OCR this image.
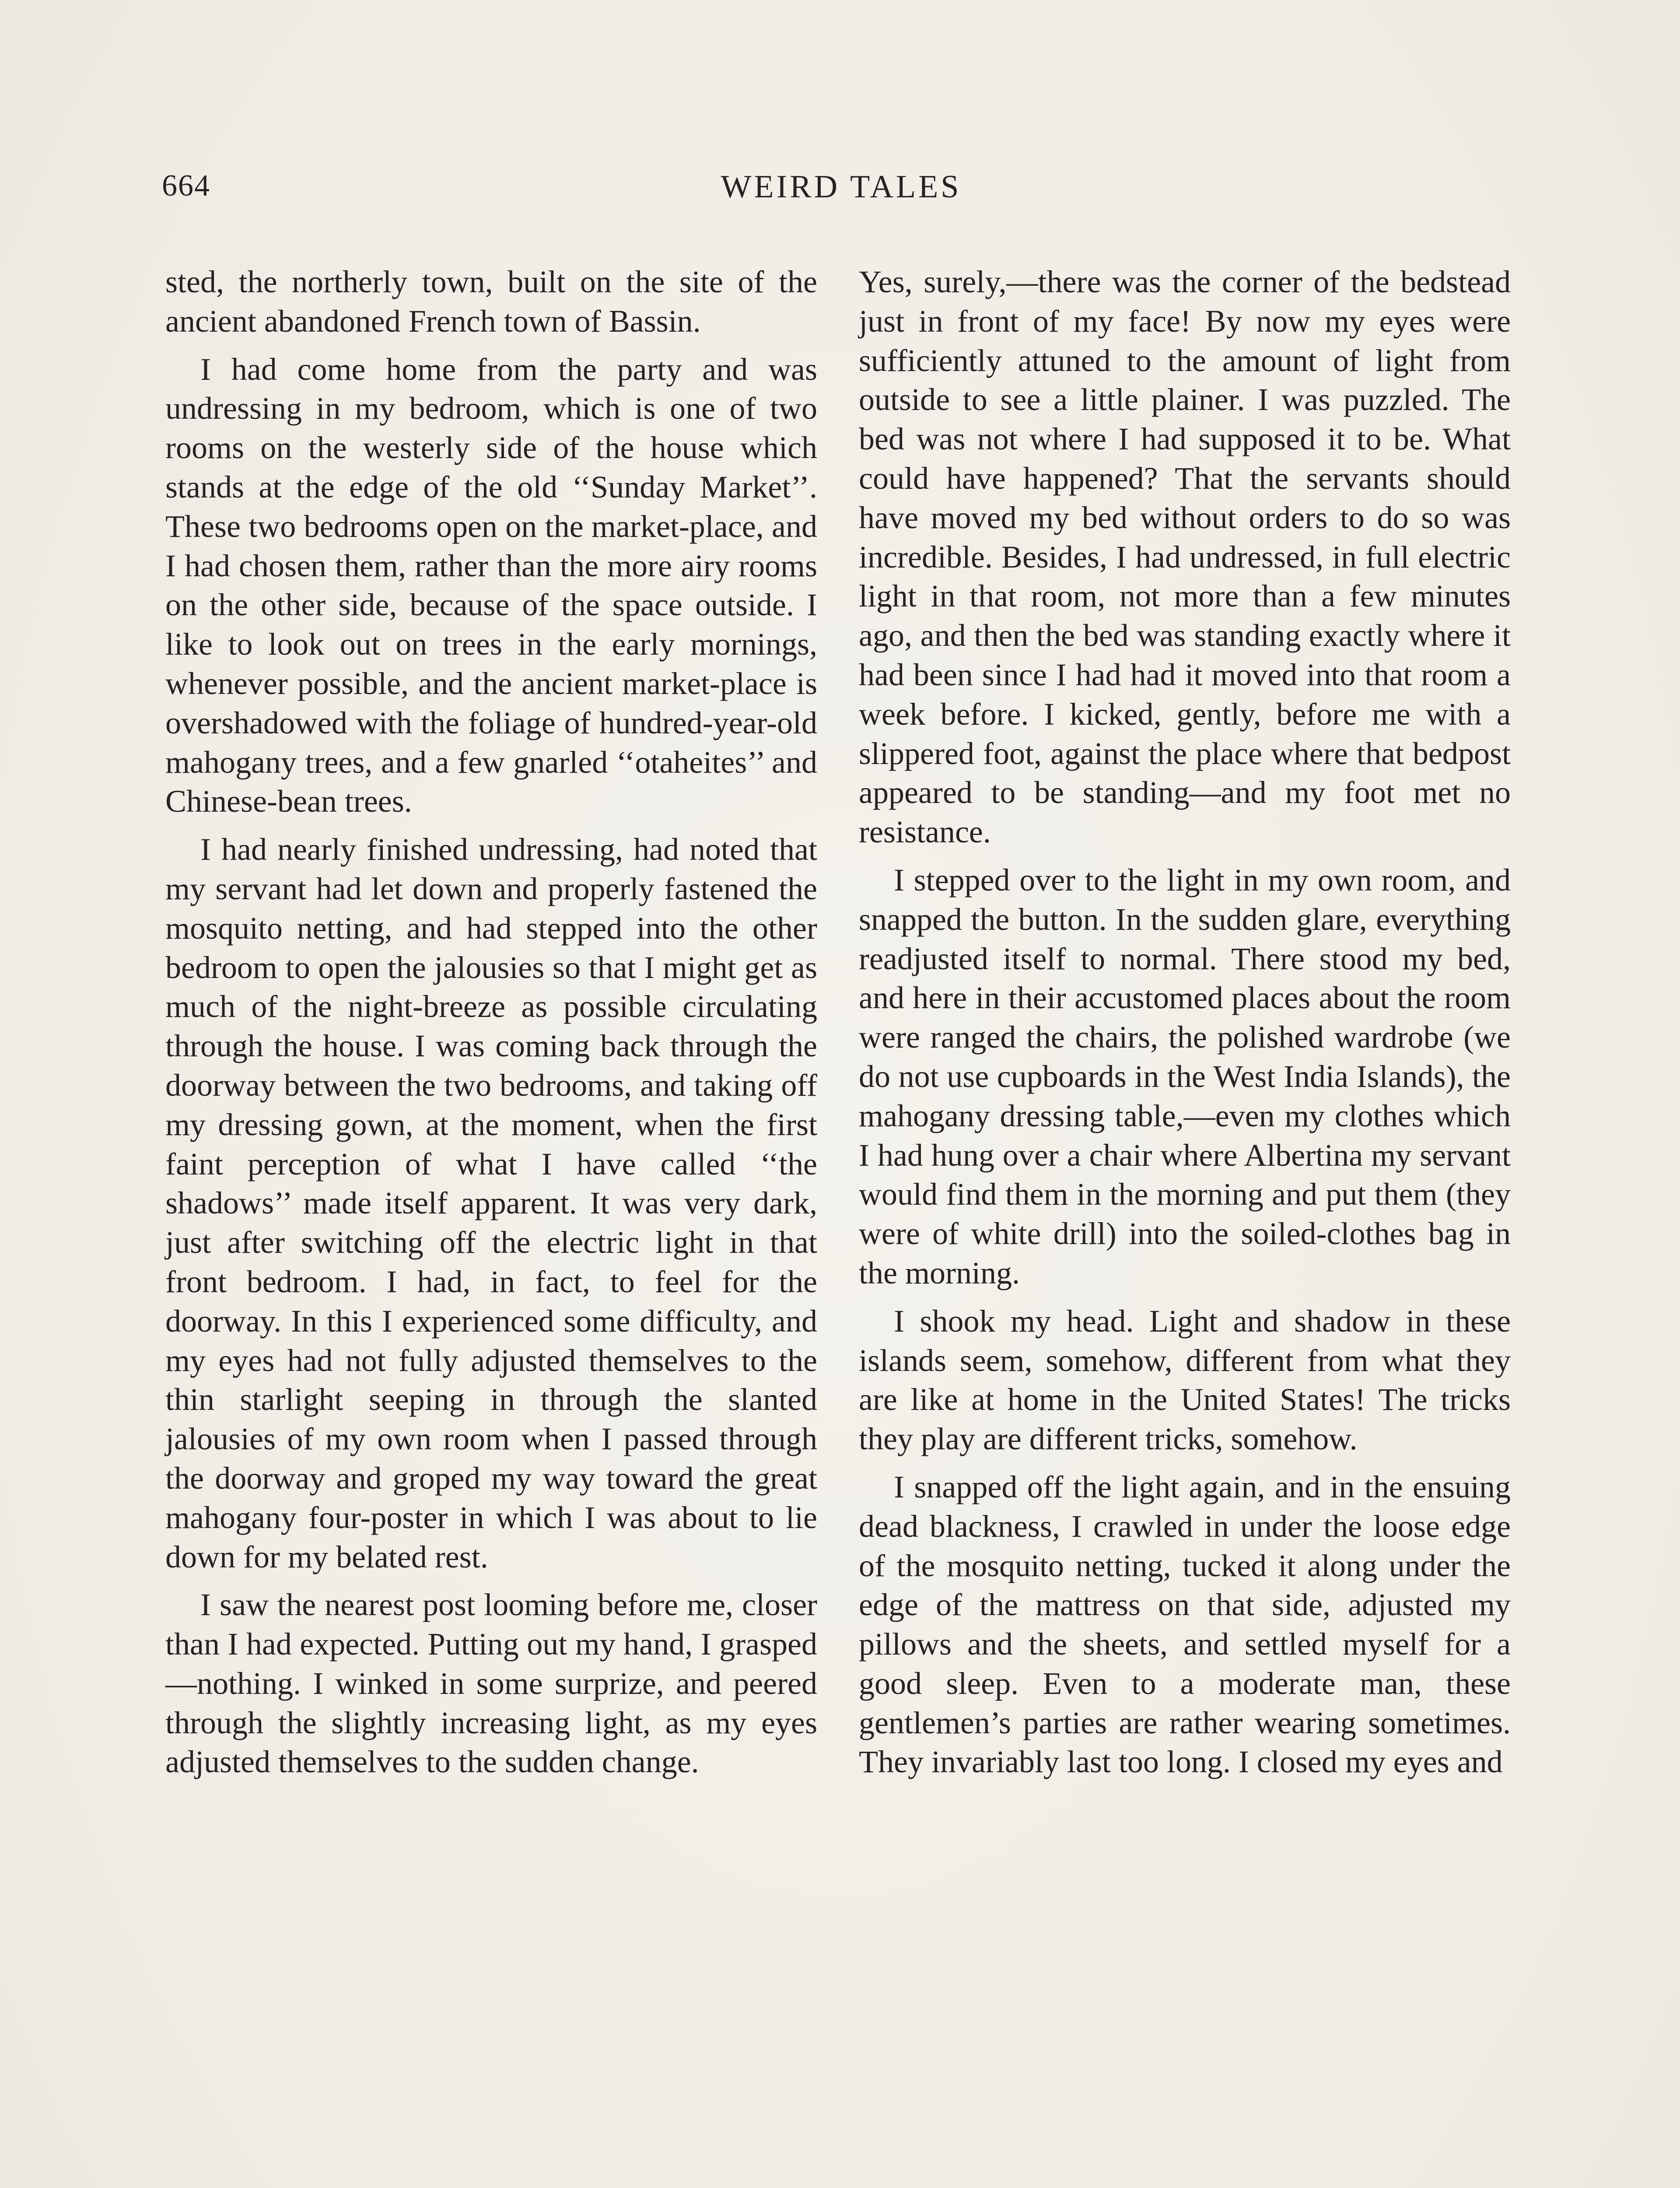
664	WEIRD TALES

sted, the northerly town, built on the site of the ancient abandoned French town of Bassin.

I had come home from the party and was undressing in my bedroom, which is one of two rooms on the westerly side of the house which stands at the edge of the old ‘‘Sunday Market’’. These two bedrooms open on the market-place, and I had chosen them, rather than the more airy rooms on the other side, because of the space outside. I like to look out on trees in the early mornings, whenever possible, and the ancient market-place is overshadowed with the foliage of hundred-year-old mahogany trees, and a few gnarled ‘‘otaheites’’ and Chinese-bean trees.

I had nearly finished undressing, had noted that my servant had let down and properly fastened the mosquito netting, and had stepped into the other bedroom to open the jalousies so that I might get as much of the night-breeze as possible circulating through the house. I was coming back through the doorway between the two bedrooms, and taking off my dressing gown, at the moment, when the first faint perception of what I have called ‘‘the shadows’’ made itself apparent. It was very dark, just after switching off the electric light in that front bedroom. I had, in fact, to feel for the doorway. In this I experienced some difficulty, and my eyes had not fully adjusted themselves to the thin starlight seeping in through the slanted jalousies of my own room when I passed through the doorway and groped my way toward the great mahogany four-poster in which I was about to lie down for my belated rest.

I saw the nearest post looming before me, closer than I had expected. Putting out my hand, I grasped—nothing. I winked in some surprize, and peered through the slightly increasing light, as my eyes adjusted themselves to the sudden change.

Yes, surely,—there was the corner of the bedstead just in front of my face! By now my eyes were sufficiently attuned to the amount of light from outside to see a little plainer. I was puzzled. The bed was not where I had supposed it to be. What could have happened? That the servants should have moved my bed without orders to do so was incredible. Besides, I had undressed, in full electric light in that room, not more than a few minutes ago, and then the bed was standing exactly where it had been since I had had it moved into that room a week before. I kicked, gently, before me with a slippered foot, against the place where that bedpost appeared to be standing—and my foot met no resistance.

I stepped over to the light in my own room, and snapped the button. In the sudden glare, everything readjusted itself to normal. There stood my bed, and here in their accustomed places about the room were ranged the chairs, the polished wardrobe (we do not use cupboards in the West India Islands), the mahogany dressing table,—even my clothes which I had hung over a chair where Albertina my servant would find them in the morning and put them (they were of white drill) into the soiled-clothes bag in the morning.

I shook my head. Light and shadow in these islands seem, somehow, different from what they are like at home in the United States! The tricks they play are different tricks, somehow.

I snapped off the light again, and in the ensuing dead blackness, I crawled in under the loose edge of the mosquito netting, tucked it along under the edge of the mattress on that side, adjusted my pillows and the sheets, and settled myself for a good sleep. Even to a moderate man, these gentlemen’s parties are rather wearing sometimes. They invariably last too long. I closed my eyes and
